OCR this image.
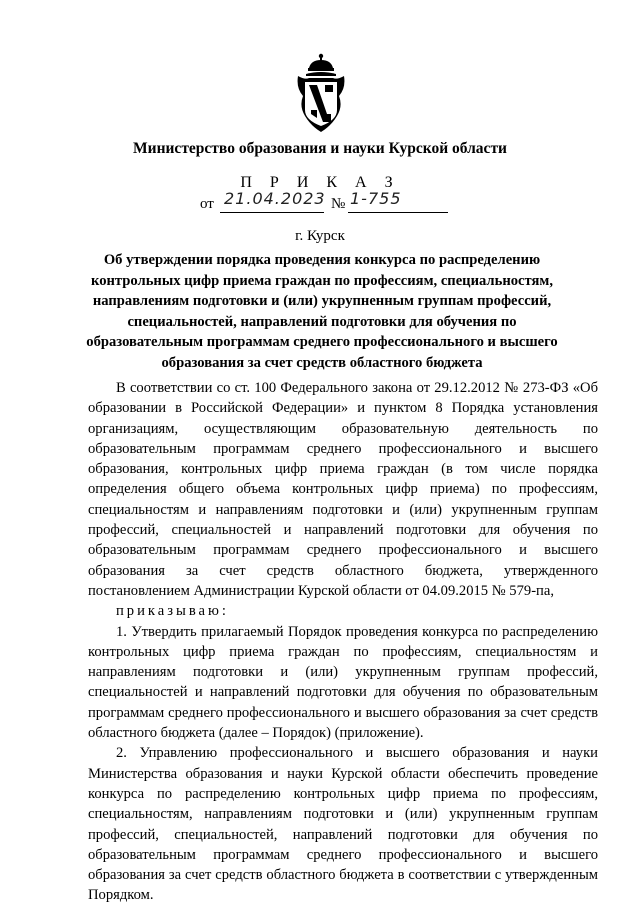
Министерство образования и науки Курской области
П Р И К А З
от 21.04.2023 № 1-755
г. Курск
Об утверждении порядка проведения конкурса по распределению контрольных цифр приема граждан по профессиям, специальностям, направлениям подготовки и (или) укрупненным группам профессий, специальностей, направлений подготовки для обучения по образовательным программам среднего профессионального и высшего образования за счет средств областного бюджета

В соответствии со ст. 100 Федерального закона от 29.12.2012 № 273-ФЗ «Об образовании в Российской Федерации» и пунктом 8 Порядка установления организациям, осуществляющим образовательную деятельность по образовательным программам среднего профессионального и высшего образования, контрольных цифр приема граждан (в том числе порядка определения общего объема контрольных цифр приема) по профессиям, специальностям и направлениям подготовки и (или) укрупненным группам профессий, специальностей и направлений подготовки для обучения по образовательным программам среднего профессионального и высшего образования за счет средств областного бюджета, утвержденного постановлением Администрации Курской области от 04.09.2015 № 579-па,

приказываю:

1. Утвердить прилагаемый Порядок проведения конкурса по распределению контрольных цифр приема граждан по профессиям, специальностям и направлениям подготовки и (или) укрупненным группам профессий, специальностей и направлений подготовки для обучения по образовательным программам среднего профессионального и высшего образования за счет средств областного бюджета (далее – Порядок) (приложение).

2. Управлению профессионального и высшего образования и науки Министерства образования и науки Курской области обеспечить проведение конкурса по распределению контрольных цифр приема по профессиям, специальностям, направлениям подготовки и (или) укрупненным группам профессий, специальностей, направлений подготовки для обучения по образовательным программам среднего профессионального и высшего образования за счет средств областного бюджета в соответствии с утвержденным Порядком.
